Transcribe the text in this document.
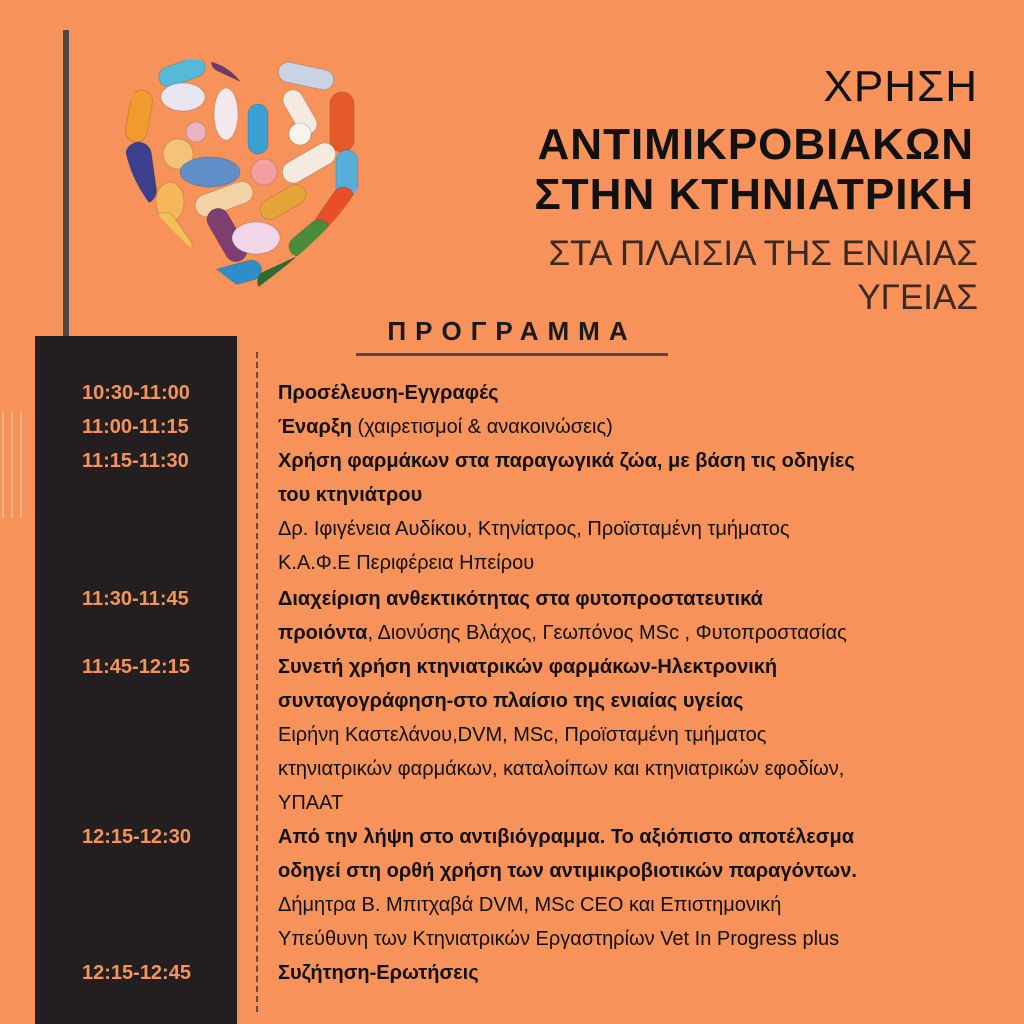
ΧΡΗΣΗ
ΑΝΤΙΜΙΚΡΟΒΙΑΚΩΝ
ΣΤΗΝ ΚΤΗΝΙΑΤΡΙΚΗ
ΣΤΑ ΠΛΑΙΣΙΑ ΤΗΣ ΕΝΙΑΙΑΣ
ΥΓΕΙΑΣ
ΠΡΟΓΡΑΜΜΑ
10:30-11:00
11:00-11:15
11:15-11:30
11:30-11:45
11:45-12:15
12:15-12:30
12:15-12:45
Προσέλευση-Εγγραφές
Έναρξη (χαιρετισμοί & ανακοινώσεις)
Χρήση φαρμάκων στα παραγωγικά ζώα, με βάση τις οδηγίες
του κτηνιάτρου
Δρ. Ιφιγένεια Αυδίκου, Κτηνίατρος, Προϊσταμένη τμήματος
Κ.Α.Φ.Ε Περιφέρεια Ηπείρου
Διαχείριση ανθεκτικότητας στα φυτοπροστατευτικά
προιόντα, Διονύσης Βλάχος, Γεωπόνος MSc , Φυτοπροστασίας
Συνετή χρήση κτηνιατρικών φαρμάκων-Ηλεκτρονική
συνταγογράφηση-στο πλαίσιο της ενιαίας υγείας
Ειρήνη Καστελάνου,DVM, MSc, Προϊσταμένη τμήματος
κτηνιατρικών φαρμάκων, καταλοίπων και κτηνιατρικών εφοδίων,
ΥΠΑΑΤ
Από την λήψη στο αντιβιόγραμμα. Το αξιόπιστο αποτέλεσμα
οδηγεί στη ορθή χρήση των αντιμικροβιοτικών παραγόντων.
Δήμητρα Β. Μπιτχαβά DVM, MSc CEO και Επιστημονική
Υπεύθυνη των Κτηνιατρικών Εργαστηρίων Vet In Progress plus
Συζήτηση-Ερωτήσεις
